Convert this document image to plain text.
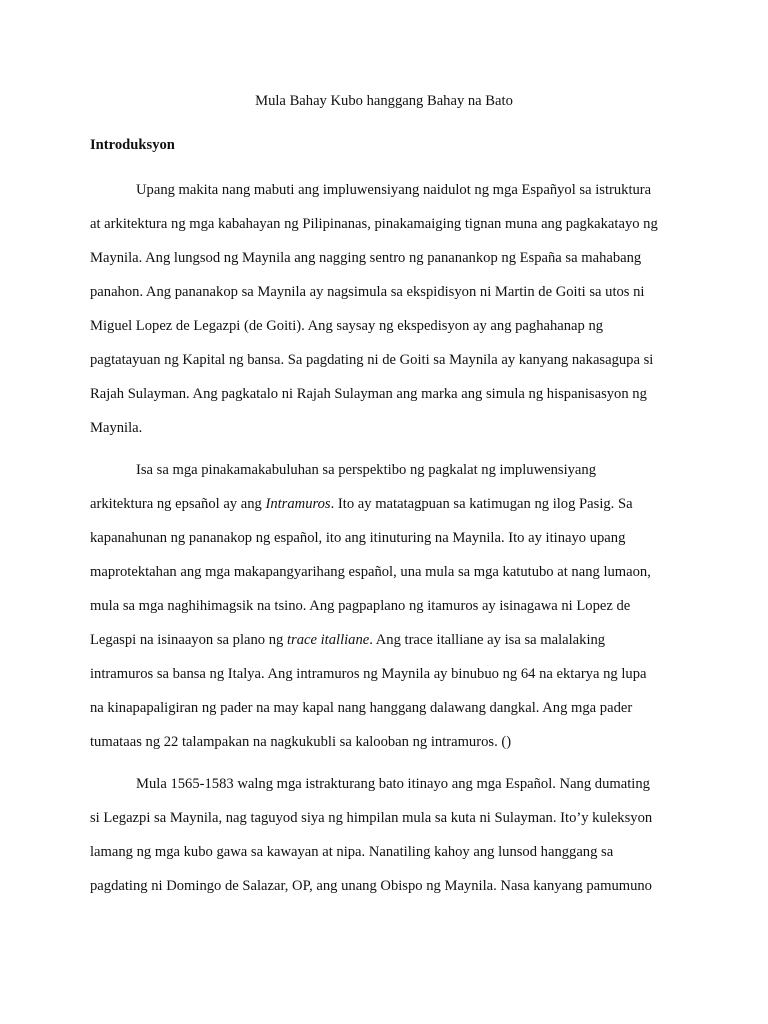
Mula Bahay Kubo hanggang Bahay na Bato
Introduksyon
Upang makita nang mabuti ang impluwensiyang naidulot ng mga Españyol sa istruktura
at arkitektura ng mga kabahayan ng Pilipinanas, pinakamaiging tignan muna ang pagkakatayo ng
Maynila. Ang lungsod ng Maynila ang nagging sentro ng pananankop ng España sa mahabang
panahon. Ang pananakop sa Maynila ay nagsimula sa ekspidisyon ni Martin de Goiti sa utos ni
Miguel Lopez de Legazpi (de Goiti). Ang saysay ng ekspedisyon ay ang paghahanap ng
pagtatayuan ng Kapital ng bansa. Sa pagdating ni de Goiti sa Maynila ay kanyang nakasagupa si
Rajah Sulayman. Ang pagkatalo ni Rajah Sulayman ang marka ang simula ng hispanisasyon ng
Maynila.
Isa sa mga pinakamakabuluhan sa perspektibo ng pagkalat ng impluwensiyang
arkitektura ng epsañol ay ang Intramuros. Ito ay matatagpuan sa katimugan ng ilog Pasig. Sa
kapanahunan ng pananakop ng español, ito ang itinuturing na Maynila. Ito ay itinayo upang
maprotektahan ang mga makapangyarihang español, una mula sa mga katutubo at nang lumaon,
mula sa mga naghihimagsik na tsino. Ang pagpaplano ng itamuros ay isinagawa ni Lopez de
Legaspi na isinaayon sa plano ng trace italliane. Ang trace italliane ay isa sa malalaking
intramuros sa bansa ng Italya. Ang intramuros ng Maynila ay binubuo ng 64 na ektarya ng lupa
na kinapapaligiran ng pader na may kapal nang hanggang dalawang dangkal. Ang mga pader
tumataas ng 22 talampakan na nagkukubli sa kalooban ng intramuros. ()
Mula 1565-1583 walng mga istrakturang bato itinayo ang mga Español. Nang dumating
si Legazpi sa Maynila, nag taguyod siya ng himpilan mula sa kuta ni Sulayman. Ito’y kuleksyon
lamang ng mga kubo gawa sa kawayan at nipa. Nanatiling kahoy ang lunsod hanggang sa
pagdating ni Domingo de Salazar, OP, ang unang Obispo ng Maynila. Nasa kanyang pamumuno
